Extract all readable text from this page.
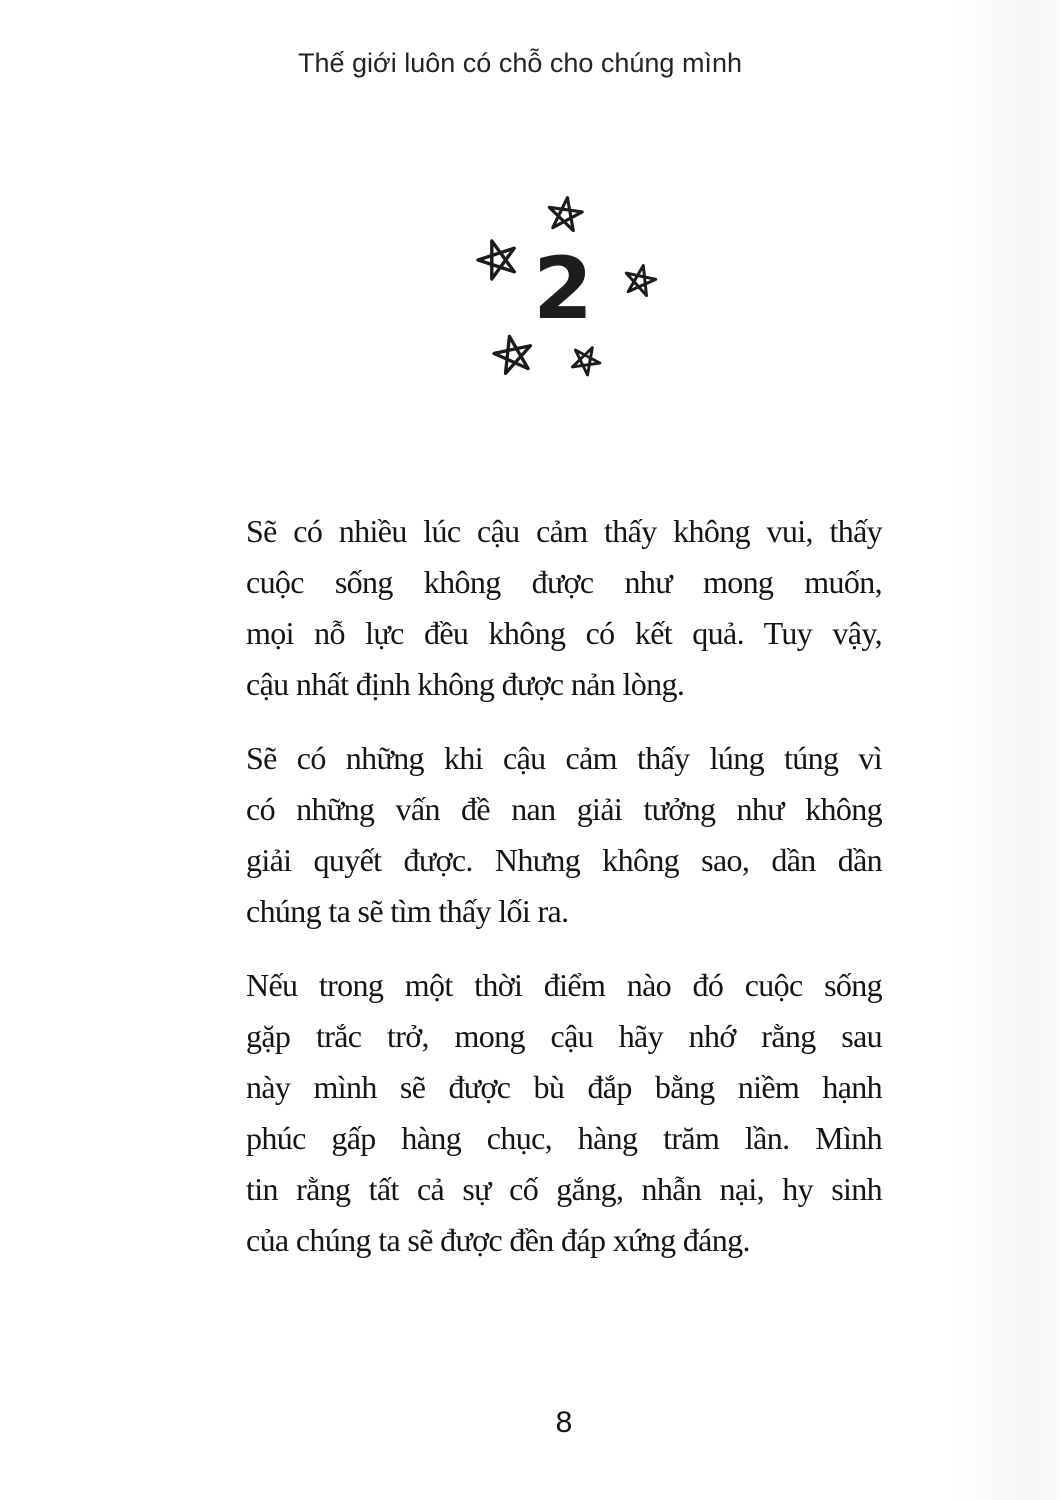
Thế giới luôn có chỗ cho chúng mình
2
Sẽ có nhiều lúc cậu cảm thấy không vui, thấy
cuộc sống không được như mong muốn,
mọi nỗ lực đều không có kết quả. Tuy vậy,
cậu nhất định không được nản lòng.
Sẽ có những khi cậu cảm thấy lúng túng vì
có những vấn đề nan giải tưởng như không
giải quyết được. Nhưng không sao, dần dần
chúng ta sẽ tìm thấy lối ra.
Nếu trong một thời điểm nào đó cuộc sống
gặp trắc trở, mong cậu hãy nhớ rằng sau
này mình sẽ được bù đắp bằng niềm hạnh
phúc gấp hàng chục, hàng trăm lần. Mình
tin rằng tất cả sự cố gắng, nhẫn nại, hy sinh
của chúng ta sẽ được đền đáp xứng đáng.
8
